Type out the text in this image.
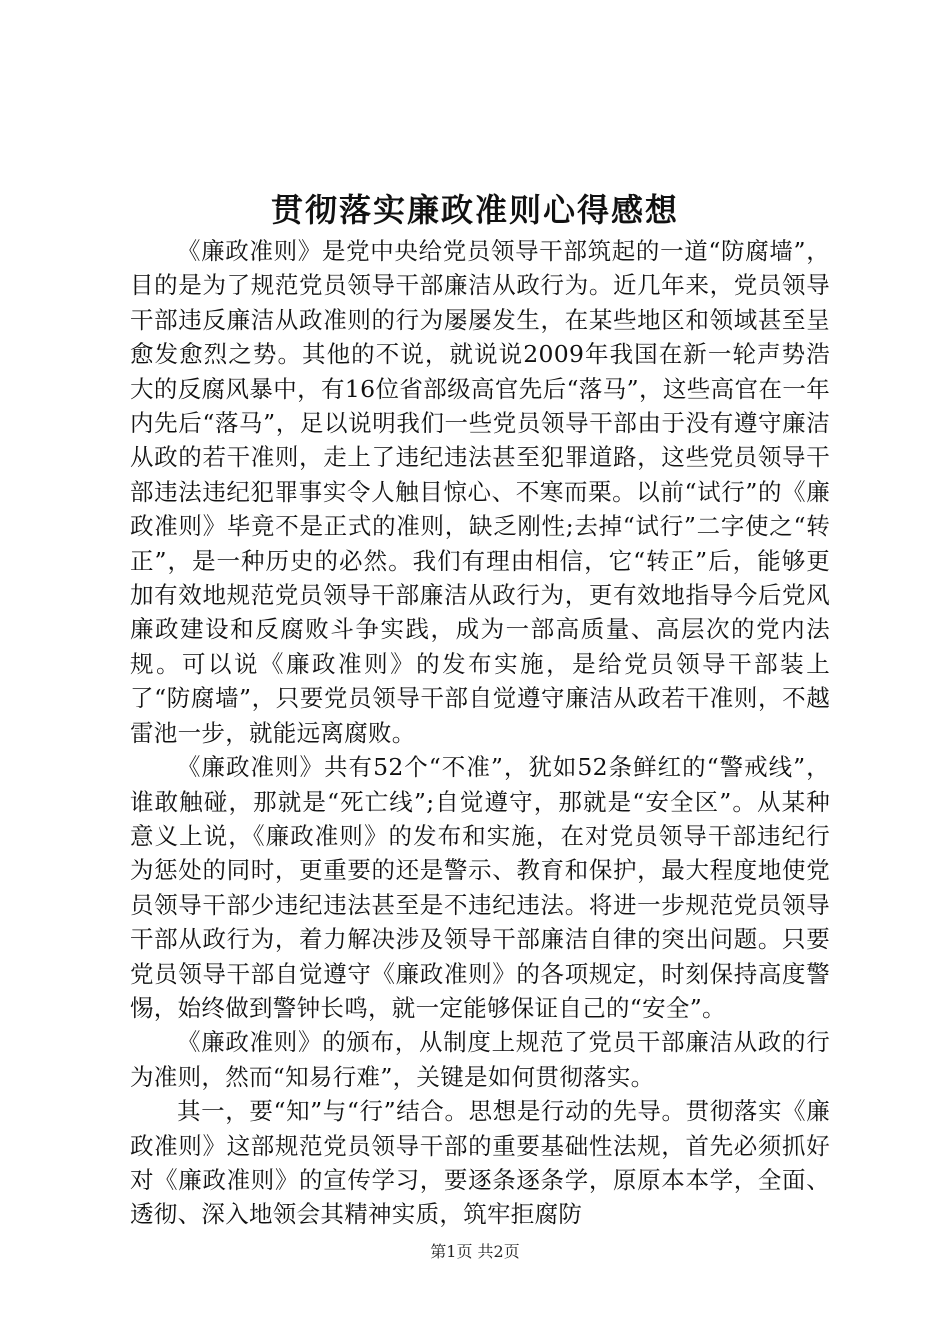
贯彻落实廉政准则心得感想

《廉政准则》是党中央给党员领导干部筑起的一道“防腐墙”，目的是为了规范党员领导干部廉洁从政行为。近几年来，党员领导干部违反廉洁从政准则的行为屡屡发生，在某些地区和领域甚至呈愈发愈烈之势。其他的不说，就说说2009年我国在新一轮声势浩大的反腐风暴中，有16位省部级高官先后“落马”，这些高官在一年内先后“落马”，足以说明我们一些党员领导干部由于没有遵守廉洁从政的若干准则，走上了违纪违法甚至犯罪道路，这些党员领导干部违法违纪犯罪事实令人触目惊心、不寒而栗。以前“试行”的《廉政准则》毕竟不是正式的准则，缺乏刚性;去掉“试行”二字使之“转正”，是一种历史的必然。我们有理由相信，它“转正”后，能够更加有效地规范党员领导干部廉洁从政行为，更有效地指导今后党风廉政建设和反腐败斗争实践，成为一部高质量、高层次的党内法规。可以说《廉政准则》的发布实施，是给党员领导干部装上了“防腐墙”，只要党员领导干部自觉遵守廉洁从政若干准则，不越雷池一步，就能远离腐败。

《廉政准则》共有52个“不准”，犹如52条鲜红的“警戒线”，谁敢触碰，那就是“死亡线”;自觉遵守，那就是“安全区”。从某种意义上说，《廉政准则》的发布和实施，在对党员领导干部违纪行为惩处的同时，更重要的还是警示、教育和保护，最大程度地使党员领导干部少违纪违法甚至是不违纪违法。将进一步规范党员领导干部从政行为，着力解决涉及领导干部廉洁自律的突出问题。只要党员领导干部自觉遵守《廉政准则》的各项规定，时刻保持高度警惕，始终做到警钟长鸣，就一定能够保证自己的“安全”。

《廉政准则》的颁布，从制度上规范了党员干部廉洁从政的行为准则，然而“知易行难”，关键是如何贯彻落实。

其一，要“知”与“行”结合。思想是行动的先导。贯彻落实《廉政准则》这部规范党员领导干部的重要基础性法规，首先必须抓好对《廉政准则》的宣传学习，要逐条逐条学，原原本本学，全面、透彻、深入地领会其精神实质，筑牢拒腐防

第1页 共2页
